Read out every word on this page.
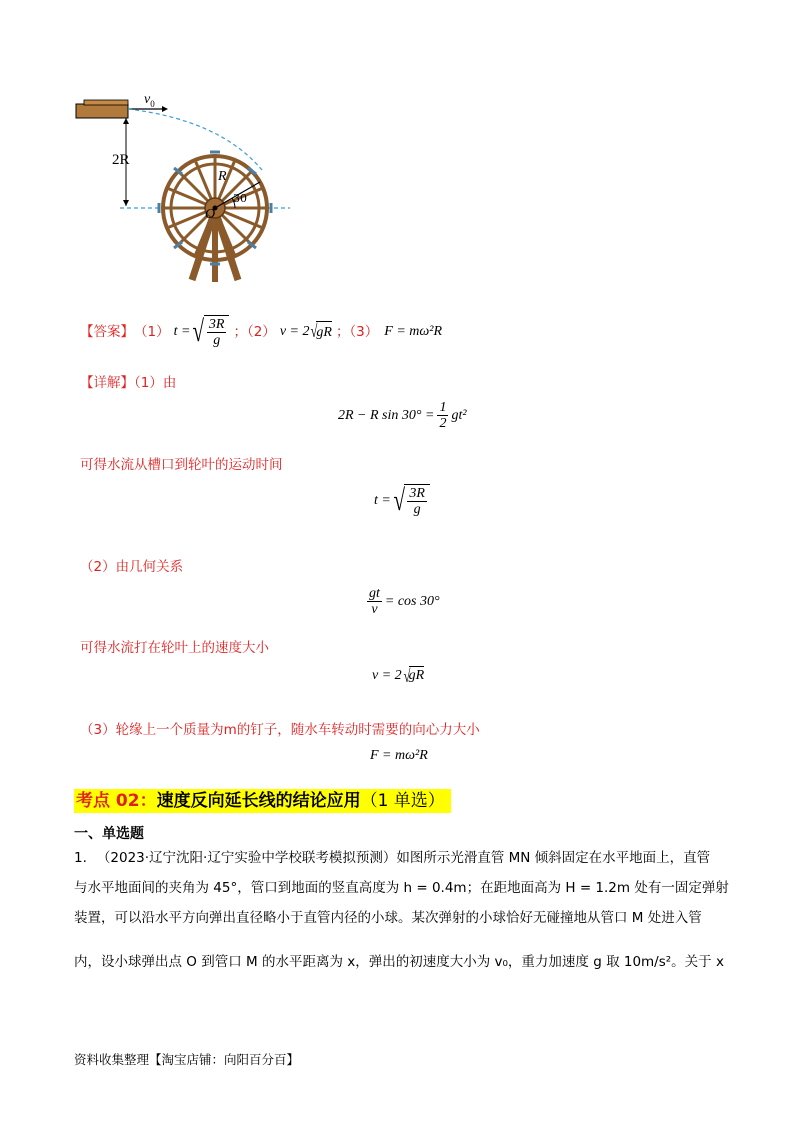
$v_0$
2R
R
O
30
【答案】 （1） t = √ $\frac{3R}{g}$ ；（2） v = 2 √
gR ；（3） F = mω²R
【详解】（1）由
2R − R $\sin 30^\circ = \frac{1}{2} gt^2$
可得水流从槽口到轮叶的运动时间
t = √ $\frac{3R}{g}$
（2）由几何关系
$\frac{gt}{v} = \cos 30^\circ$
可得水流打在轮叶上的速度大小
v = 2 √
gR
（3）轮缘上一个质量为m的钉子，随水车转动时需要的向心力大小
F = mω²R
考点 02：速度反向延长线的结论应用（1 单选）
一、单选题
1. （2023·辽宁沈阳·辽宁实验中学校联考模拟预测）如图所示光滑直管 MN 倾斜固定在水平地面上，直管
与水平地面间的夹角为 45°，管口到地面的竖直高度为 h = 0.4m；在距地面高为 H = 1.2m 处有一固定弹射
装置，可以沿水平方向弹出直径略小于直管内径的小球。某次弹射的小球恰好无碰撞地从管口 M 处进入管
内，设小球弹出点 O 到管口 M 的水平距离为 x，弹出的初速度大小为 v₀，重力加速度 g 取 10m/s²。关于 x
资料收集整理【淘宝店铺：向阳百分百】
